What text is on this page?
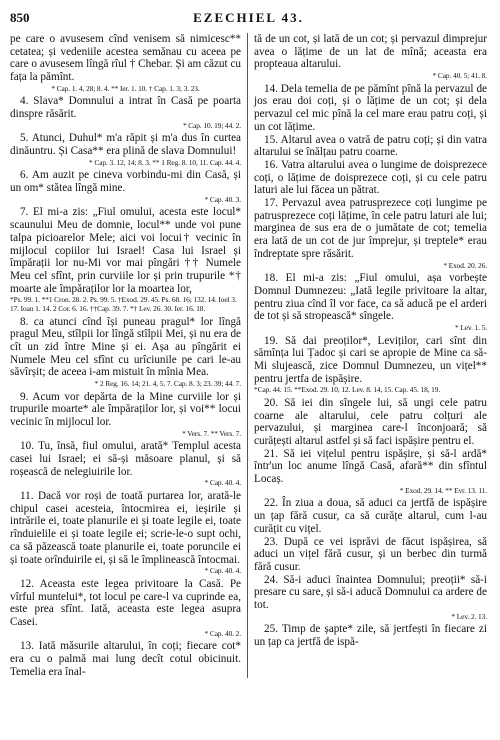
850	EZECHIEL 43.

pe care o avusesem cînd venisem să nimicesc** cetatea; și vedeniile acestea semănau cu aceea pe care o avusesem lîngă rîul † Chebar. Și am căzut cu fața la pămînt.

* Cap. 1. 4, 28; 8. 4. ** Ier. 1. 10. † Cap. 1. 3; 3. 23.

4. Slava* Domnului a intrat în Casă pe poarta dinspre răsărit.

* Cap. 10. 19; 44. 2.

5. Atunci, Duhul* m'a răpit și m'a dus în curtea dinăuntru. Și Casa** era plină de slava Domnului!

* Cap. 3. 12, 14; 8. 3. ** 1 Reg. 8. 10, 11. Cap. 44. 4.

6. Am auzit pe cineva vorbindu-mi din Casă, și un om* stătea lîngă mine.

* Cap. 40. 3.

7. El mi-a zis: „Fiul omului, acesta este locul* scaunului Meu de domnie, locul** unde voi pune talpa picioarelor Mele; aici voi locui† vecinic în mijlocul copiilor lui Israel! Casa lui Israel și împărații lor nu-Mi vor mai pîngări †† Numele Meu cel sfînt, prin curviile lor și prin trupurile *† moarte ale împăraților lor la moartea lor,

*Ps. 99. 1. **1 Cron. 28. 2. Ps. 99. 5. †Exod. 29. 45. Ps. 68. 16; 132. 14. Ioel 3. 17. Ioan 1. 14. 2 Cor. 6. 16. ††Cap. 39. 7. *† Lev. 26. 30. Ier. 16. 18.

8. ca atunci cînd își puneau pragul* lor lîngă pragul Meu, stîlpii lor lîngă stîlpii Mei, și nu era de cît un zid între Mine și ei. Așa au pîngărit ei Numele Meu cel sfînt cu urîciunile pe cari le-au săvîrșit; de aceea i-am mistuit în mînia Mea.

* 2 Reg. 16. 14; 21. 4, 5, 7. Cap. 8. 3; 23. 39; 44. 7.

9. Acum vor depărta de la Mine curviile lor și trupurile moarte* ale împăraților lor, și voi** locui vecinic în mijlocul lor.

* Vers. 7. ** Vers. 7.

10. Tu, însă, fiul omului, arată* Templul acesta casei lui Israel; ei să-și măsoare planul, și să roșească de nelegiuirile lor.

* Cap. 40. 4.

11. Dacă vor roși de toată purtarea lor, arată-le chipul casei acesteia, întocmirea ei, ieșirile și intrările ei, toate planurile ei și toate legile ei, toate rînduielile ei și toate legile ei; scrie-le-o supt ochi, ca să păzească toate planurile ei, toate poruncile ei și toate orînduirile ei, și să le împlinească întocmai.

* Cap. 40. 4.

12. Aceasta este legea privitoare la Casă. Pe vîrful muntelui*, tot locul pe care-l va cuprinde ea, este prea sfînt. Iată, aceasta este legea asupra Casei.

* Cap. 40. 2.

13. Iată măsurile altarului, în coți; fiecare cot* era cu o palmă mai lung decît cotul obicinuit. Temelia era înal-

tă de un cot, și lată de un cot; și pervazul dimprejur avea o lățime de un lat de mînă; aceasta era propteaua altarului.

* Cap. 40. 5; 41. 8.

14. Dela temelia de pe pămînt pînă la pervazul de jos erau doi coți, și o lățime de un cot; și dela pervazul cel mic pînă la cel mare erau patru coți, și un cot lățime.

15. Altarul avea o vatră de patru coți; și din vatra altarului se înălțau patru coarne.

16. Vatra altarului avea o lungime de doisprezece coți, o lățime de doisprezece coți, și cu cele patru laturi ale lui făcea un pătrat.

17. Pervazul avea patrusprezece coți lungime pe patrusprezece coți lățime, în cele patru laturi ale lui; marginea de sus era de o jumătate de cot; temelia era lată de un cot de jur împrejur, și treptele* erau îndreptate spre răsărit.

* Exod. 20. 26.

18. El mi-a zis: „Fiul omului, așa vorbește Domnul Dumnezeu: „Iată legile privitoare la altar, pentru ziua cînd îl vor face, ca să aducă pe el arderi de tot și să stropească* sîngele.

* Lev. 1. 5.

19. Să dai preoților*, Leviților, cari sînt din sămînța lui Țadoc și cari se apropie de Mine ca să-Mi slujească, zice Domnul Dumnezeu, un vițel** pentru jertfa de ispășire.

*Cap. 44. 15. **Exod. 29. 10, 12. Lev. 8. 14, 15. Cap. 45. 18, 19.

20. Să iei din sîngele lui, să ungi cele patru coarne ale altarului, cele patru colțuri ale pervazului, și marginea care-l înconjoară; să curățești altarul astfel și să faci ispășire pentru el.

21. Să iei vițelul pentru ispășire, și să-l ardă* într'un loc anume lîngă Casă, afară** din sfîntul Locaș.

* Exod. 29. 14. ** Evr. 13. 11.

22. În ziua a doua, să aduci ca jertfă de ispășire un țap fără cusur, ca să curățe altarul, cum l-au curățit cu vițel.

23. După ce vei isprăvi de făcut ispășirea, să aduci un vițel fără cusur, și un berbec din turmă fără cusur.

24. Să-i aduci înaintea Domnului; preoții* să-i presare cu sare, și să-i aducă Domnului ca ardere de tot.

* Lev. 2. 13.

25. Timp de șapte* zile, să jertfești în fiecare zi un țap ca jertfă de ispă-
